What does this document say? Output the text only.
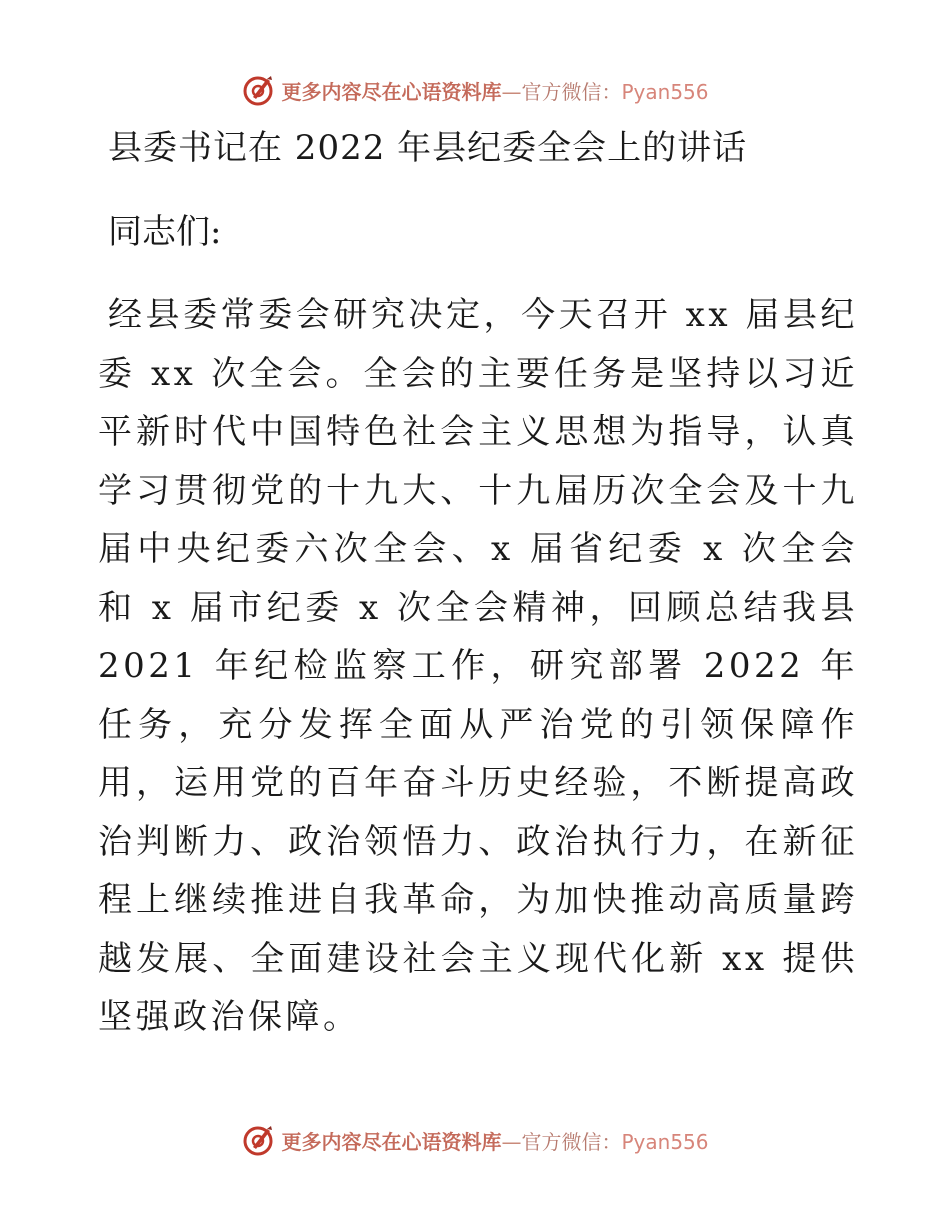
更多内容尽在心语资料库—官方微信：Pyan556
县委书记在 2022 年县纪委全会上的讲话

同志们:

经县委常委会研究决定，今天召开 xx 届县纪委 xx 次全会。全会的主要任务是坚持以习近平新时代中国特色社会主义思想为指导，认真学习贯彻党的十九大、十九届历次全会及十九届中央纪委六次全会、x 届省纪委 x 次全会和 x 届市纪委 x 次全会精神，回顾总结我县 2021 年纪检监察工作，研究部署 2022 年任务，充分发挥全面从严治党的引领保障作用，运用党的百年奋斗历史经验，不断提高政治判断力、政治领悟力、政治执行力，在新征程上继续推进自我革命，为加快推动高质量跨越发展、全面建设社会主义现代化新 xx 提供坚强政治保障。

更多内容尽在心语资料库—官方微信：Pyan556
